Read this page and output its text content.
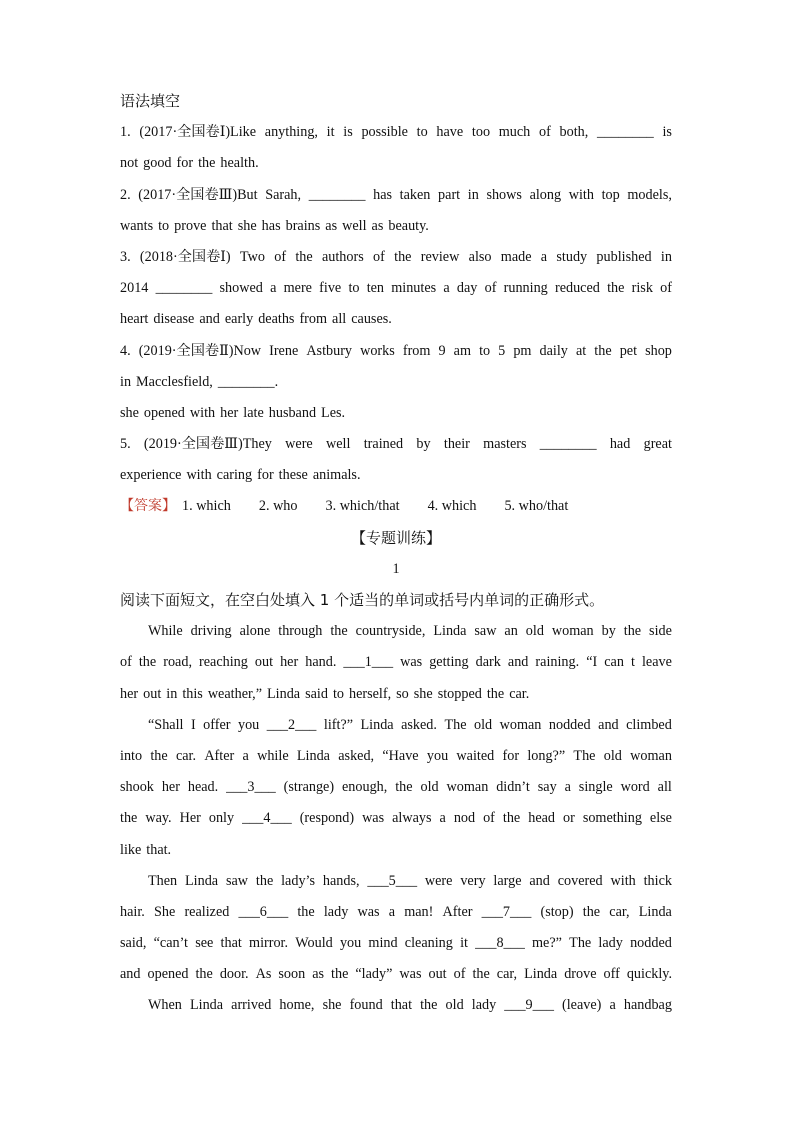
语法填空
1. (2017·全国卷Ⅰ)Like anything, it is possible to have too much of both, ________ is
not good for the health.
2. (2017·全国卷Ⅲ)But Sarah, ________ has taken part in shows along with top models,
wants to prove that she has brains as well as beauty.
3. (2018·全国卷Ⅰ) Two of the authors of the review also made a study published in
2014 ________ showed a mere five to ten minutes a day of running reduced the risk of
heart disease and early deaths from all causes.
4. (2019·全国卷Ⅱ)Now Irene Astbury works from 9 am to 5 pm daily at the pet shop
in Macclesfield, ________.
she opened with her late husband Les.
5. (2019·全国卷Ⅲ)They were well trained by their masters ________ had great
experience with caring for these animals.
【答案】 1. which 2. who 3. which/that 4. which 5. who/that
【专题训练】
1
阅读下面短文，在空白处填入 1 个适当的单词或括号内单词的正确形式。
While driving alone through the countryside, Linda saw an old woman by the side
of the road, reaching out her hand. ___1___ was getting dark and raining. “I can t leave
her out in this weather,” Linda said to herself, so she stopped the car.
“Shall I offer you ___2___ lift?” Linda asked. The old woman nodded and climbed
into the car. After a while Linda asked, “Have you waited for long?” The old woman
shook her head. ___3___ (strange) enough, the old woman didn’t say a single word all
the way. Her only ___4___ (respond) was always a nod of the head or something else
like that.
Then Linda saw the lady’s hands, ___5___ were very large and covered with thick
hair. She realized ___6___ the lady was a man! After ___7___ (stop) the car, Linda
said, “can’t see that mirror. Would you mind cleaning it ___8___ me?” The lady nodded
and opened the door. As soon as the “lady” was out of the car, Linda drove off quickly.
When Linda arrived home, she found that the old lady ___9___ (leave) a handbag
